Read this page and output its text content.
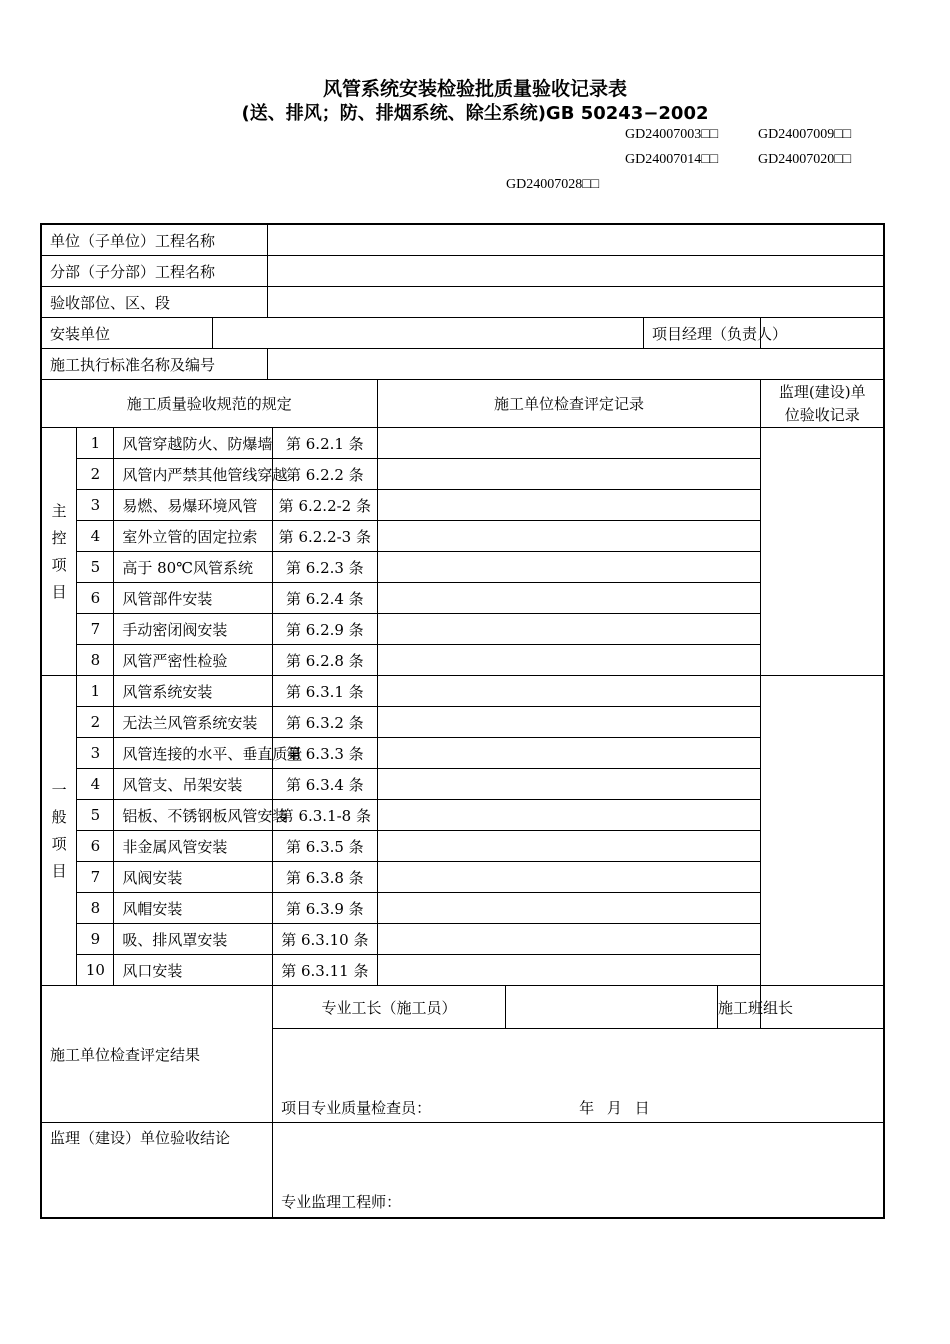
风管系统安装检验批质量验收记录表
(送、排风；防、排烟系统、除尘系统)GB 50243−2002
GD24007003□□	GD24007009□□
GD24007014□□	GD24007020□□
GD24007028□□
单位（子单位）工程名称										
分部（子分部）工程名称										
验收部位、区、段										
安装单位								项目经理（负责人）		
施工执行标准名称及编号										
施工质量验收规范的规定						施工单位检查评定记录				监理(建设)单
位验收记录

主控项目	1	风管穿越防火、防爆墙			第 6.2.1 条					
	2	风管内严禁其他管线穿越			第 6.2.2 条					
	3	易燃、易爆环境风管			第 6.2.2-2 条					
	4	室外立管的固定拉索			第 6.2.2-3 条					
	5	高于 80℃风管系统			第 6.2.3 条					
	6	风管部件安装			第 6.2.4 条					
	7	手动密闭阀安装			第 6.2.9 条					
	8	风管严密性检验			第 6.2.8 条					

一般项目	1	风管系统安装			第 6.3.1 条					
	2	无法兰风管系统安装			第 6.3.2 条					
	3	风管连接的水平、垂直质量			第 6.3.3 条					
	4	风管支、吊架安装			第 6.3.4 条					
	5	铝板、不锈钢板风管安装			第 6.3.1-8 条					
	6	非金属风管安装			第 6.3.5 条					
	7	风阀安装			第 6.3.8 条					
	8	风帽安装			第 6.3.9 条					
	9	吸、排风罩安装			第 6.3.10 条					
	10	风口安装			第 6.3.11 条					
施工单位检查评定结果					专业工长（施工员）				施工班组长	

					项目专业质量检查员： 年 月 日					

监理（建设）单位验收结论					专业监理工程师：					
